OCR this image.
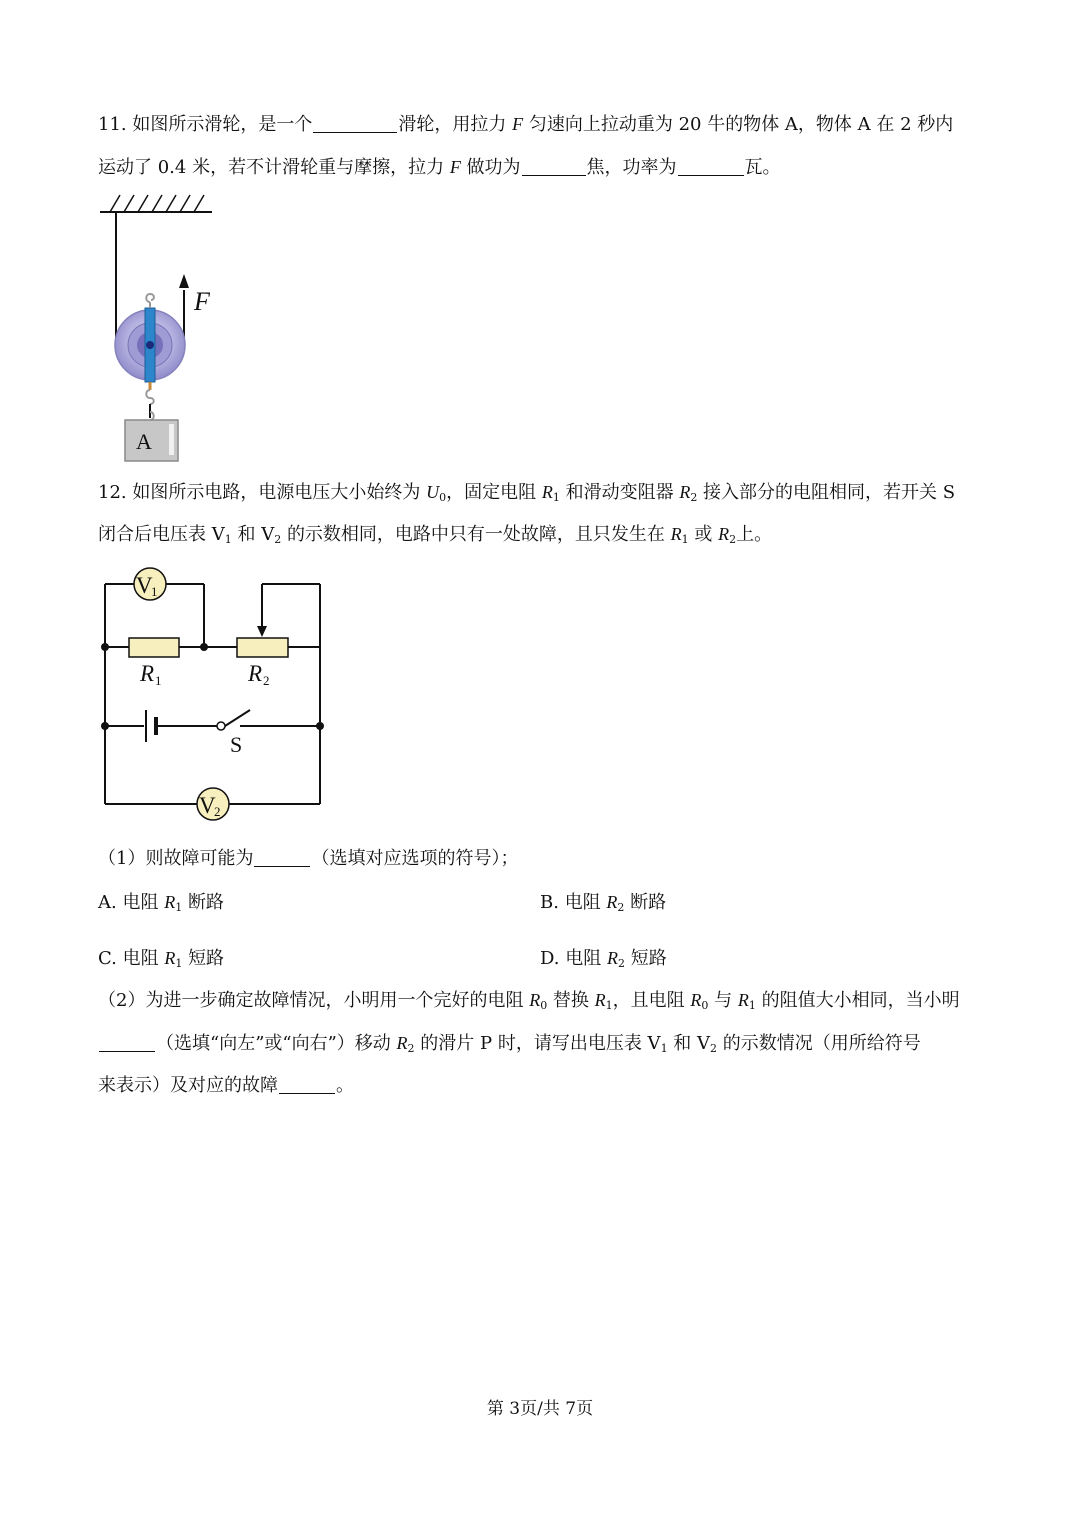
11. 如图所示滑轮，是一个	滑轮，用拉力 F 匀速向上拉动重为 20 牛的物体 A，物体 A 在 2 秒内
运动了 0.4 米，若不计滑轮重与摩擦，拉力 F 做功为	焦，功率为	瓦。
F
A
12. 如图所示电路，电源电压大小始终为 $U_0$，固定电阻 $R_1$ 和滑动变阻器 $R_2$ 接入部分的电阻相同，若开关 S
闭合后电压表 $V_1$ 和 $V_2$ 的示数相同，电路中只有一处故障，且只发生在 $R_1$ 或 $R_2$上。
V
1
V
2
R 1	R 2
S
（1）则故障可能为	（选填对应选项的符号）；
A. 电阻 $R_1$ 断路	B. 电阻 $R_2$ 断路
C. 电阻 $R_1$ 短路	D. 电阻 $R_2$ 短路
（2）为进一步确定故障情况，小明用一个完好的电阻 $R_0$ 替换 $R_1$，且电阻 $R_0$ 与 $R_1$ 的阻值大小相同，当小明
（选填“向左”或“向右”）移动 $R_2$ 的滑片 P 时，请写出电压表 $V_1$ 和 $V_2$ 的示数情况（用所给符号
来表示）及对应的故障	。
第 3页/共 7页
